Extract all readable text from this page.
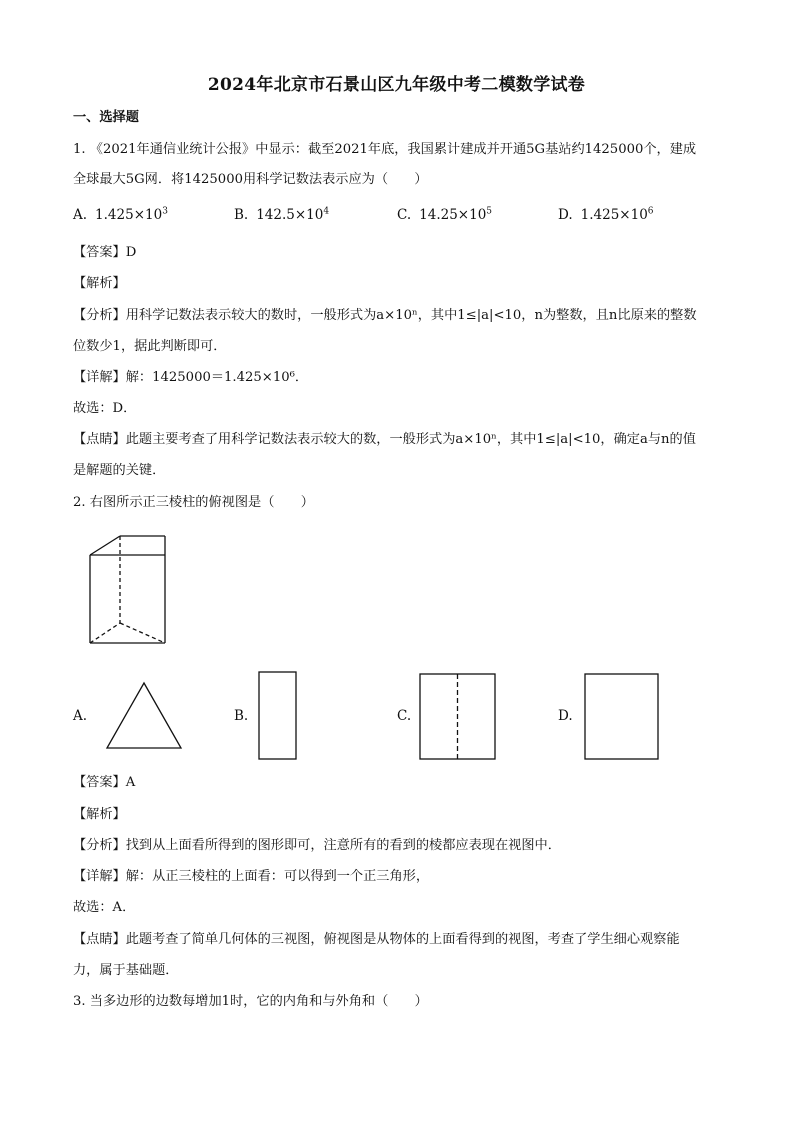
2024年北京市石景山区九年级中考二模数学试卷
一、选择题
1. 《2021年通信业统计公报》中显示：截至2021年底，我国累计建成并开通5G基站约1425000个，建成
全球最大5G网．将1425000用科学记数法表示应为（　　）
A. $1.425\times 10^3$	B. $142.5\times 10^4$	C. $14.25\times 10^5$	D. $1.425\times 10^6$
【答案】D
【解析】
【分析】用科学记数法表示较大的数时，一般形式为a×10ⁿ，其中1≤|a|<10，n为整数，且n比原来的整数
位数少1，据此判断即可．
【详解】解：1425000＝1.425×10⁶．
故选：D．
【点睛】此题主要考查了用科学记数法表示较大的数，一般形式为a×10ⁿ，其中1≤|a|<10，确定a与n的值
是解题的关键．
2. 右图所示正三棱柱的俯视图是（　　）
A.	B.	C.	D.
【答案】A
【解析】
【分析】找到从上面看所得到的图形即可，注意所有的看到的棱都应表现在视图中．
【详解】解：从正三棱柱的上面看：可以得到一个正三角形，
故选：A．
【点睛】此题考查了简单几何体的三视图，俯视图是从物体的上面看得到的视图，考查了学生细心观察能
力，属于基础题．
3. 当多边形的边数每增加1时，它的内角和与外角和（　　）
